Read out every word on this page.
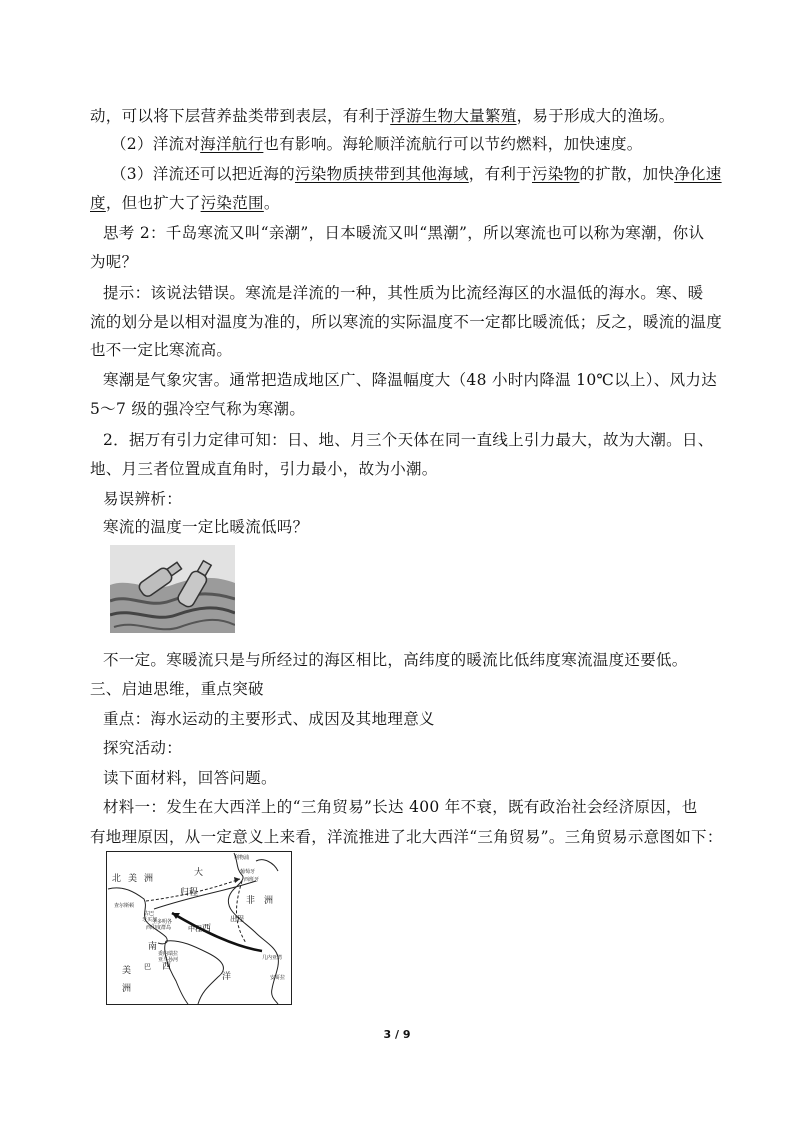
动，可以将下层营养盐类带到表层，有利于浮游生物大量繁殖，易于形成大的渔场。
（2）洋流对海洋航行也有影响。海轮顺洋流航行可以节约燃料，加快速度。
（3）洋流还可以把近海的污染物质挟带到其他海域，有利于污染物的扩散，加快净化速
度，但也扩大了污染范围。
思考 2：千岛寒流又叫“亲潮”，日本暖流又叫“黑潮”，所以寒流也可以称为寒潮，你认
为呢？
提示：该说法错误。寒流是洋流的一种，其性质为比流经海区的水温低的海水。寒、暖
流的划分是以相对温度为准的，所以寒流的实际温度不一定都比暖流低；反之，暖流的温度
也不一定比寒流高。
寒潮是气象灾害。通常把造成地区广、降温幅度大（48 小时内降温 10℃以上）、风力达
5～7 级的强冷空气称为寒潮。
2．据万有引力定律可知：日、地、月三个天体在同一直线上引力最大，故为大潮。日、
地、月三者位置成直角时，引力最小，故为小潮。
易误辨析：
寒流的温度一定比暖流低吗？
不一定。寒暖流只是与所经过的海区相比，高纬度的暖流比低纬度寒流温度还要低。
三、启迪思维，重点突破
重点：海水运动的主要形式、成因及其地理意义
探究活动：
读下面材料，回答问题。
材料一：发生在大西洋上的“三角贸易”长达 400 年不衰，既有政治社会经济原因，也
有地理原因，从一定意义上来看，洋流推进了北大西洋“三角贸易”。三角贸易示意图如下：
北 美 洲
大
归程
西
非 洲
出程
中程
南
美 巴 西
洲
洋
利物浦
西班牙
葡萄牙
查尔斯顿
古巴
牙买加
西印度群岛
圣多明各
委内瑞拉
亚马孙河
安哥拉
几内亚湾
3 / 9
